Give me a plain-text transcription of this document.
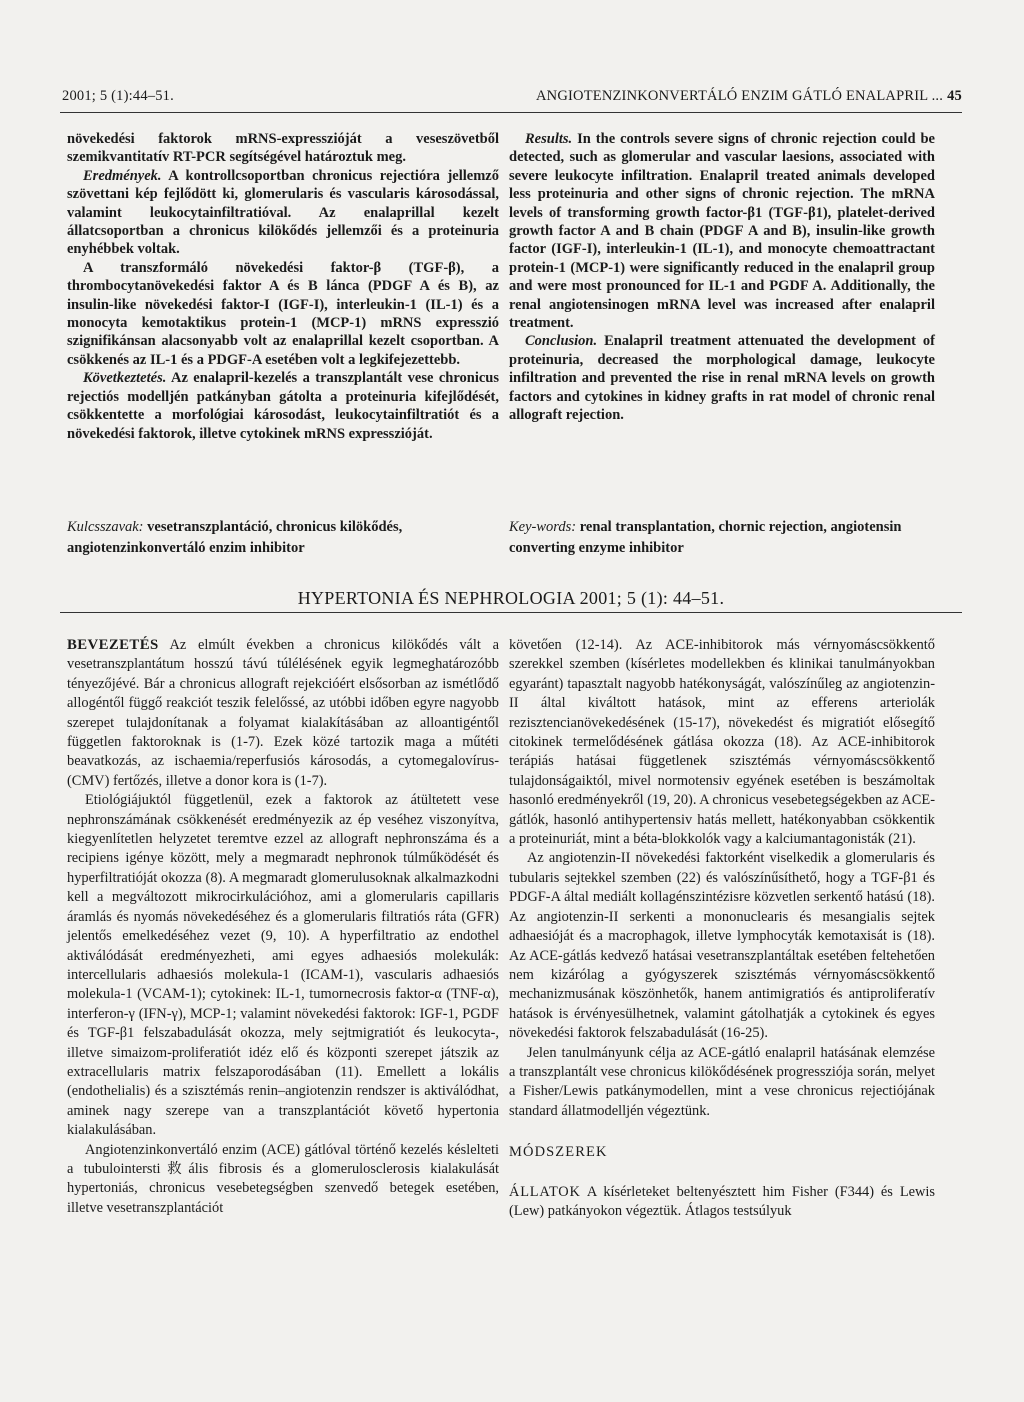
2001; 5 (1):44–51.	ANGIOTENZINKONVERTÁLÓ ENZIM GÁTLÓ ENALAPRIL ... 45

növekedési faktorok mRNS-expresszióját a veseszövetből szemikvantitatív RT-PCR segítségével határoztuk meg.

Eredmények. A kontrollcsoportban chronicus rejectióra jellemző szövettani kép fejlődött ki, glomerularis és vascularis károsodással, valamint leukocytainfiltratióval. Az enalaprillal kezelt állatcsoportban a chronicus kilökődés jellemzői és a proteinuria enyhébbek voltak.

A transzformáló növekedési faktor-β (TGF-β), a thrombocytanövekedési faktor A és B lánca (PDGF A és B), az insulin-like növekedési faktor-I (IGF-I), interleukin-1 (IL-1) és a monocyta kemotaktikus protein-1 (MCP-1) mRNS expresszió szignifikánsan alacsonyabb volt az enalaprillal kezelt csoportban. A csökkenés az IL-1 és a PDGF-A esetében volt a legkifejezettebb.

Következtetés. Az enalapril-kezelés a transzplantált vese chronicus rejectiós modelljén patkányban gátolta a proteinuria kifejlődését, csökkentette a morfológiai károsodást, leukocytainfiltratiót és a növekedési faktorok, illetve cytokinek mRNS expresszióját.

Results. In the controls severe signs of chronic rejection could be detected, such as glomerular and vascular laesions, associated with severe leukocyte infiltration. Enalapril treated animals developed less proteinuria and other signs of chronic rejection. The mRNA levels of transforming growth factor-β1 (TGF-β1), platelet-derived growth factor A and B chain (PDGF A and B), insulin-like growth factor (IGF-I), interleukin-1 (IL-1), and monocyte chemoattractant protein-1 (MCP-1) were significantly reduced in the enalapril group and were most pronounced for IL-1 and PGDF A. Additionally, the renal angiotensinogen mRNA level was increased after enalapril treatment.

Conclusion. Enalapril treatment attenuated the development of proteinuria, decreased the morphological damage, leukocyte infiltration and prevented the rise in renal mRNA levels on growth factors and cytokines in kidney grafts in rat model of chronic renal allograft rejection.

Kulcsszavak: vesetranszplantáció, chronicus kilökődés, angiotenzinkonvertáló enzim inhibitor
Key-words: renal transplantation, chornic rejection, angiotensin converting enzyme inhibitor
HYPERTONIA ÉS NEPHROLOGIA 2001; 5 (1): 44–51.

BEVEZETÉS Az elmúlt években a chronicus kilökődés vált a vesetranszplantátum hosszú távú túlélésének egyik legmeghatározóbb tényezőjévé. Bár a chronicus allograft rejekcióért elsősorban az ismétlődő allogéntől függő reakciót teszik felelőssé, az utóbbi időben egyre nagyobb szerepet tulajdonítanak a folyamat kialakításában az alloantigéntől független faktoroknak is (1-7). Ezek közé tartozik maga a műtéti beavatkozás, az ischaemia/reperfusiós károsodás, a cytomegalovírus- (CMV) fertőzés, illetve a donor kora is (1-7).

Etiológiájuktól függetlenül, ezek a faktorok az átültetett vese nephronszámának csökkenését eredményezik az ép veséhez viszonyítva, kiegyenlítetlen helyzetet teremtve ezzel az allograft nephronszáma és a recipiens igénye között, mely a megmaradt nephronok túlműködését és hyperfiltratióját okozza (8). A megmaradt glomerulusoknak alkalmazkodni kell a megváltozott mikrocirkulációhoz, ami a glomerularis capillaris áramlás és nyomás növekedéséhez és a glomerularis filtratiós ráta (GFR) jelentős emelkedéséhez vezet (9, 10). A hyperfiltratio az endothel aktiválódását eredményezheti, ami egyes adhaesiós molekulák: intercellularis adhaesiós molekula-1 (ICAM-1), vascularis adhaesiós molekula-1 (VCAM-1); cytokinek: IL-1, tumornecrosis faktor-α (TNF-α), interferon-γ (IFN-γ), MCP-1; valamint növekedési faktorok: IGF-1, PGDF és TGF-β1 felszabadulását okozza, mely sejtmigratiót és leukocyta-, illetve simaizom-proliferatiót idéz elő és központi szerepet játszik az extracellularis matrix felszaporodásában (11). Emellett a lokális (endothelialis) és a szisztémás renin–angiotenzin rendszer is aktiválódhat, aminek nagy szerepe van a transzplantációt követő hypertonia kialakulásában.

Angiotenzinkonvertáló enzim (ACE) gátlóval történő kezelés késlelteti a tubulointersti救ális fibrosis és a glomerulosclerosis kialakulását hypertoniás, chronicus vesebetegségben szenvedő betegek esetében, illetve vesetranszplantációt

követően (12-14). Az ACE-inhibitorok más vérnyomáscsökkentő szerekkel szemben (kísérletes modellekben és klinikai tanulmányokban egyaránt) tapasztalt nagyobb hatékonyságát, valószínűleg az angiotenzin-II által kiváltott hatások, mint az efferens arteriolák rezisztencianövekedésének (15-17), növekedést és migratiót elősegítő citokinek termelődésének gátlása okozza (18). Az ACE-inhibitorok terápiás hatásai függetlenek szisztémás vérnyomáscsökkentő tulajdonságaiktól, mivel normotensiv egyének esetében is beszámoltak hasonló eredményekről (19, 20). A chronicus vesebetegségekben az ACE-gátlók, hasonló antihypertensiv hatás mellett, hatékonyabban csökkentik a proteinuriát, mint a béta-blokkolók vagy a kalciumantagonisták (21).

Az angiotenzin-II növekedési faktorként viselkedik a glomerularis és tubularis sejtekkel szemben (22) és valószínűsíthető, hogy a TGF-β1 és PDGF-A által mediált kollagénszintézisre közvetlen serkentő hatású (18). Az angiotenzin-II serkenti a mononuclearis és mesangialis sejtek adhaesióját és a macrophagok, illetve lymphocyták kemotaxisát is (18). Az ACE-gátlás kedvező hatásai vesetranszplantáltak esetében feltehetően nem kizárólag a gyógyszerek szisztémás vérnyomáscsökkentő mechanizmusának köszönhetők, hanem antimigratiós és antiproliferatív hatások is érvényesülhetnek, valamint gátolhatják a cytokinek és egyes növekedési faktorok felszabadulását (16-25).

Jelen tanulmányunk célja az ACE-gátló enalapril hatásának elemzése a transzplantált vese chronicus kilökődésének progressziója során, melyet a Fisher/Lewis patkánymodellen, mint a vese chronicus rejectiójának standard állatmodelljén végeztünk.

MÓDSZEREK

ÁLLATOK A kísérleteket beltenyésztett him Fisher (F344) és Lewis (Lew) patkányokon végeztük. Átlagos testsúlyuk
